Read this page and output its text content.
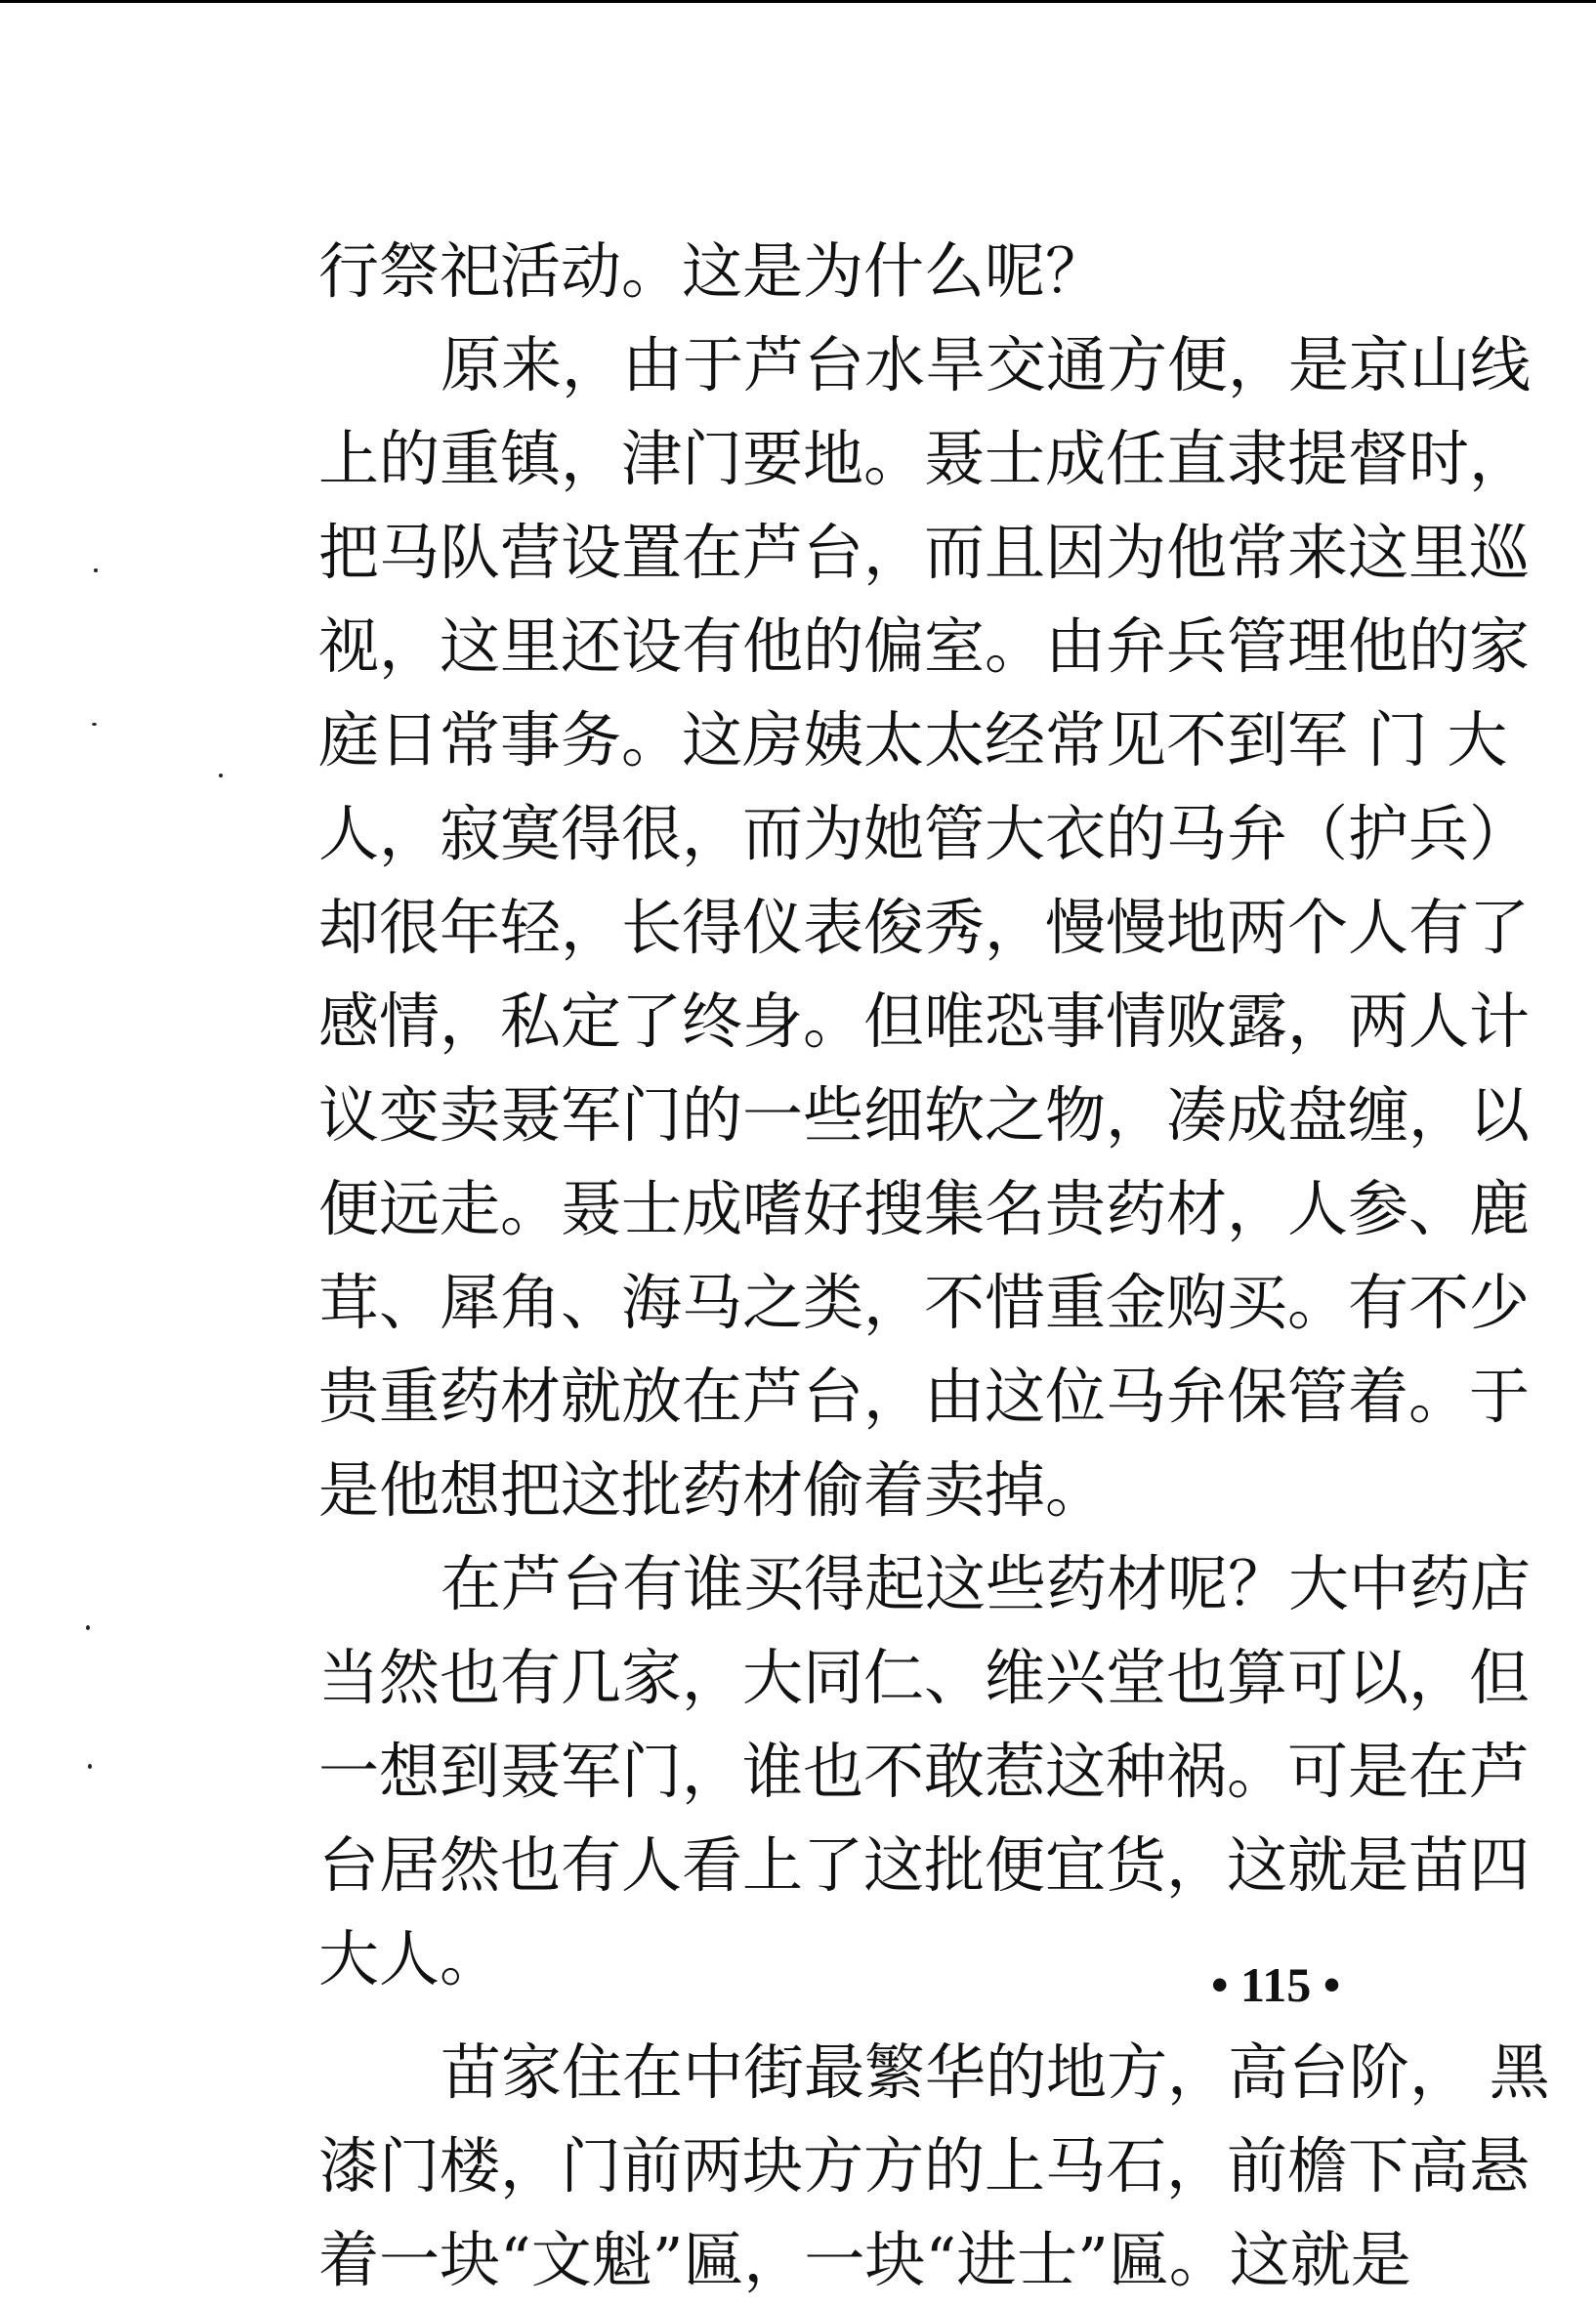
行祭祀活动。这是为什么呢？
原来，由于芦台水旱交通方便，是京山线
上的重镇，津门要地。聂士成任直隶提督时，
把马队营设置在芦台，而且因为他常来这里巡
视，这里还设有他的偏室。由弁兵管理他的家
庭日常事务。这房姨太太经常见不到军 门 大
人，寂寞得很，而为她管大衣的马弁（护兵）
却很年轻，长得仪表俊秀，慢慢地两个人有了
感情，私定了终身。但唯恐事情败露，两人计
议变卖聂军门的一些细软之物，凑成盘缠，以
便远走。聂士成嗜好搜集名贵药材，人参、鹿
茸、犀角、海马之类，不惜重金购买。有不少
贵重药材就放在芦台，由这位马弁保管着。于
是他想把这批药材偷着卖掉。
在芦台有谁买得起这些药材呢？大中药店
当然也有几家，大同仁、维兴堂也算可以，但
一想到聂军门，谁也不敢惹这种祸。可是在芦
台居然也有人看上了这批便宜货，这就是苗四
大人。
苗家住在中街最繁华的地方，高台阶， 黑
漆门楼，门前两块方方的上马石，前檐下高悬
着一块“文魁”匾，一块“进士”匾。这就是
• 115 •
